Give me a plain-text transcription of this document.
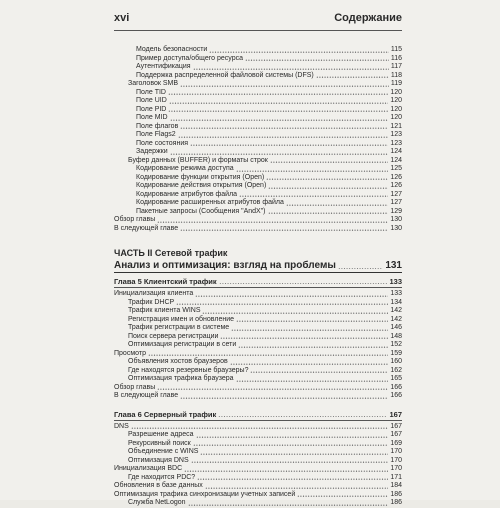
xvi	Содержание
Модель безопасности	115
Пример доступа/общего ресурса	116
Аутентификация	117
Поддержка распределенной файловой системы (DFS)	118
Заголовок SMB	119
Поле TID	120
Поле UID	120
Поле PID	120
Поле MID	120
Поле флагов	121
Поле Flags2	123
Поле состояния	123
Задержки	124
Буфер данных (BUFFER) и форматы строк	124
Кодирование режима доступа	125
Кодирование функции открытия (Open)	126
Кодирование действия открытия (Open)	126
Кодирование атрибутов файла	127
Кодирование расширенных атрибутов файла	127
Пакетные запросы (Сообщения "AndX")	129
Обзор главы	130
В следующей главе	130
ЧАСТЬ II Сетевой трафик
Анализ и оптимизация: взгляд на проблемы	131
Глава 5 Клиентский трафик	133
Инициализация клиента	133
Трафик DHCP	134
Трафик клиента WINS	142
Регистрация имен и обновление	142
Трафик регистрации в системе	146
Поиск сервера регистрации	148
Оптимизация регистрации в сети	152
Просмотр	159
Объявления хостов браузеров	160
Где находятся резервные браузеры?	162
Оптимизация трафика браузера	165
Обзор главы	166
В следующей главе	166
Глава 6 Серверный трафик	167
DNS	167
Разрешение адреса	167
Рекурсивный поиск	169
Объединение с WINS	170
Оптимизация DNS	170
Инициализация BDC	170
Где находится PDC?	171
Обновления в базе данных	184
Оптимизация трафика синхронизации учетных записей	186
Служба NetLogon	186
